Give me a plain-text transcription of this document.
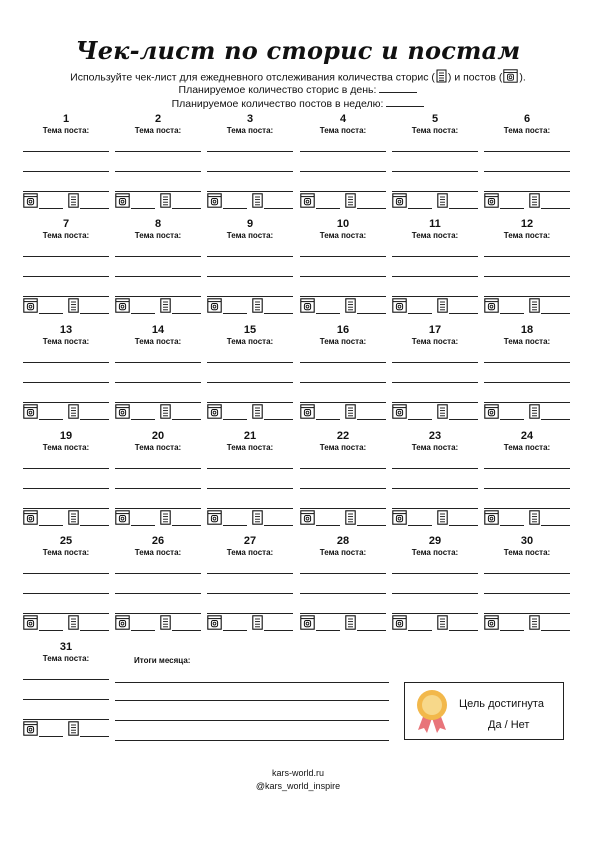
Чек-лист по сторис и постам
Используйте чек-лист для ежедневного отслеживания количества сторис ( ) и постов ( ).
Планируемое количество сторис в день:
Планируемое количество постов в неделю:
1
Тема поста:
2
Тема поста:
3
Тема поста:
4
Тема поста:
5
Тема поста:
6
Тема поста:
7
Тема поста:
8
Тема поста:
9
Тема поста:
10
Тема поста:
11
Тема поста:
12
Тема поста:
13
Тема поста:
14
Тема поста:
15
Тема поста:
16
Тема поста:
17
Тема поста:
18
Тема поста:
19
Тема поста:
20
Тема поста:
21
Тема поста:
22
Тема поста:
23
Тема поста:
24
Тема поста:
25
Тема поста:
26
Тема поста:
27
Тема поста:
28
Тема поста:
29
Тема поста:
30
Тема поста:
31
Тема поста:	Итоги месяца:
Цель достигнута
Да / Нет
kars-world.ru
@kars_world_inspire
